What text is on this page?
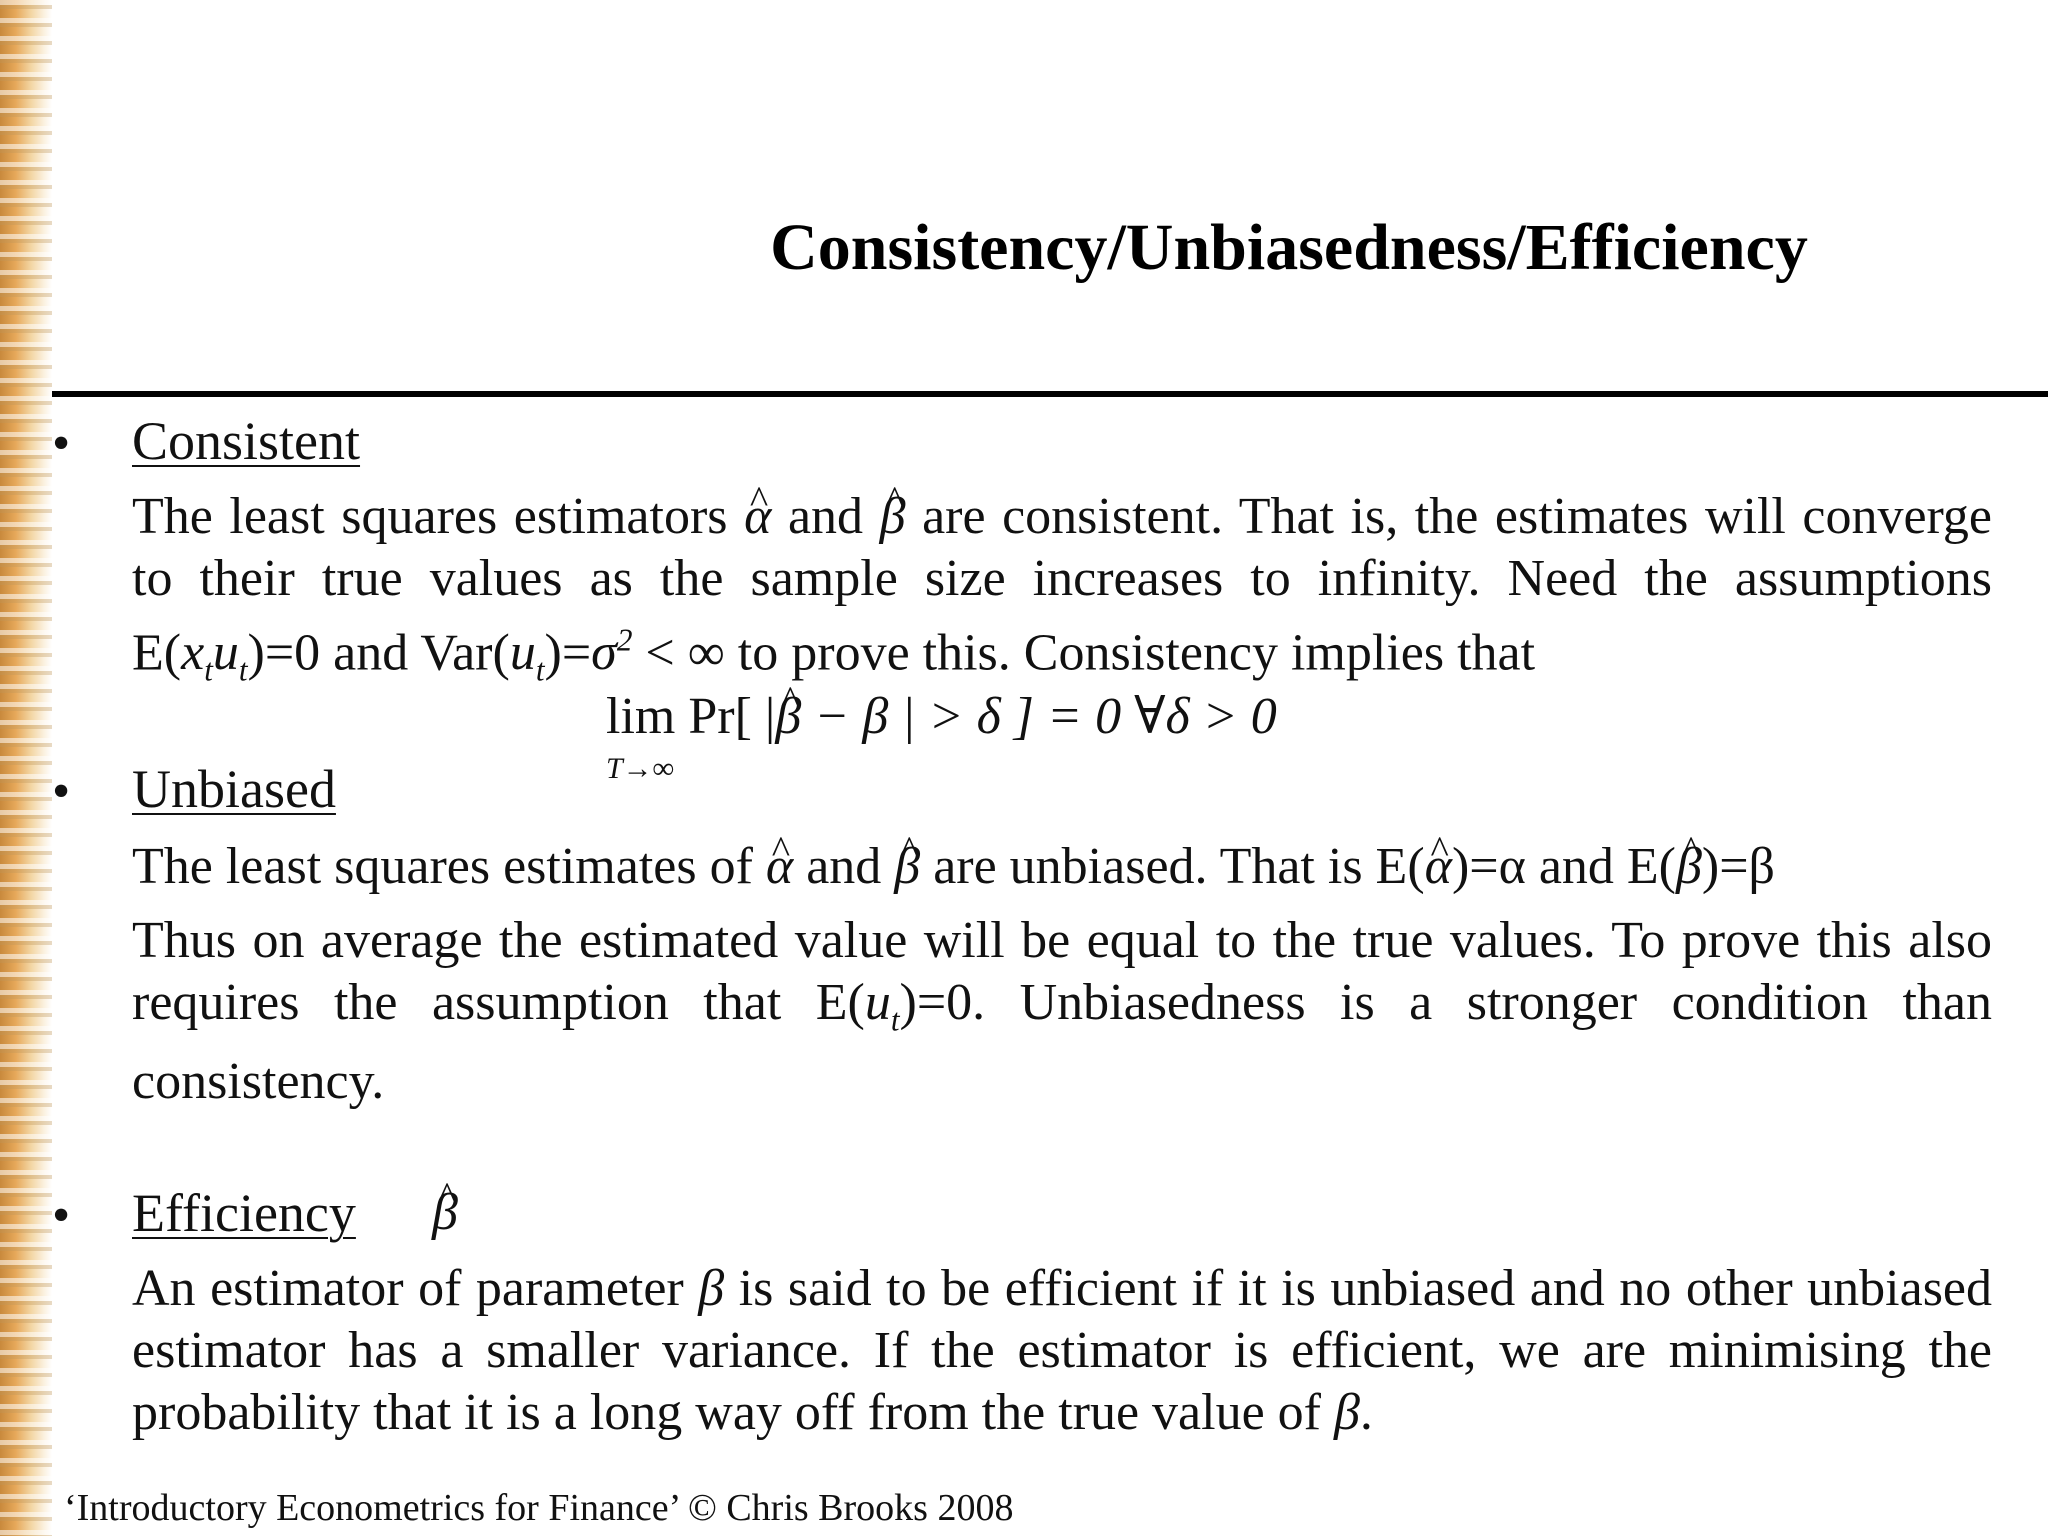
Consistency/Unbiasedness/Efficiency
• Consistent
The least squares estimators ^ α and ^ β are consistent. That is, the estimates will converge to their true values as the sample size increases to infinity. Need the assumptions $E(x_tu_t)=0$ and $Var(u_t)=\sigma^2$ < ∞ to prove this. Consistency implies that
lim
T→∞
Pr[ |^ β − β | > δ ] = 0 ∀δ > 0
• Unbiased
The least squares estimates of ^ α and ^ β are unbiased. That is E(^ α)=α and E(^ β)=β
Thus on average the estimated value will be equal to the true values. To prove this also requires the assumption that $E(u_t)=0$. Unbiasedness is a stronger condition than consistency.
• Efficiency ^ β
An estimator of parameter β is said to be efficient if it is unbiased and no other unbiased estimator has a smaller variance. If the estimator is efficient, we are minimising the probability that it is a long way off from the true value of β.
‘Introductory Econometrics for Finance’ © Chris Brooks 2008
